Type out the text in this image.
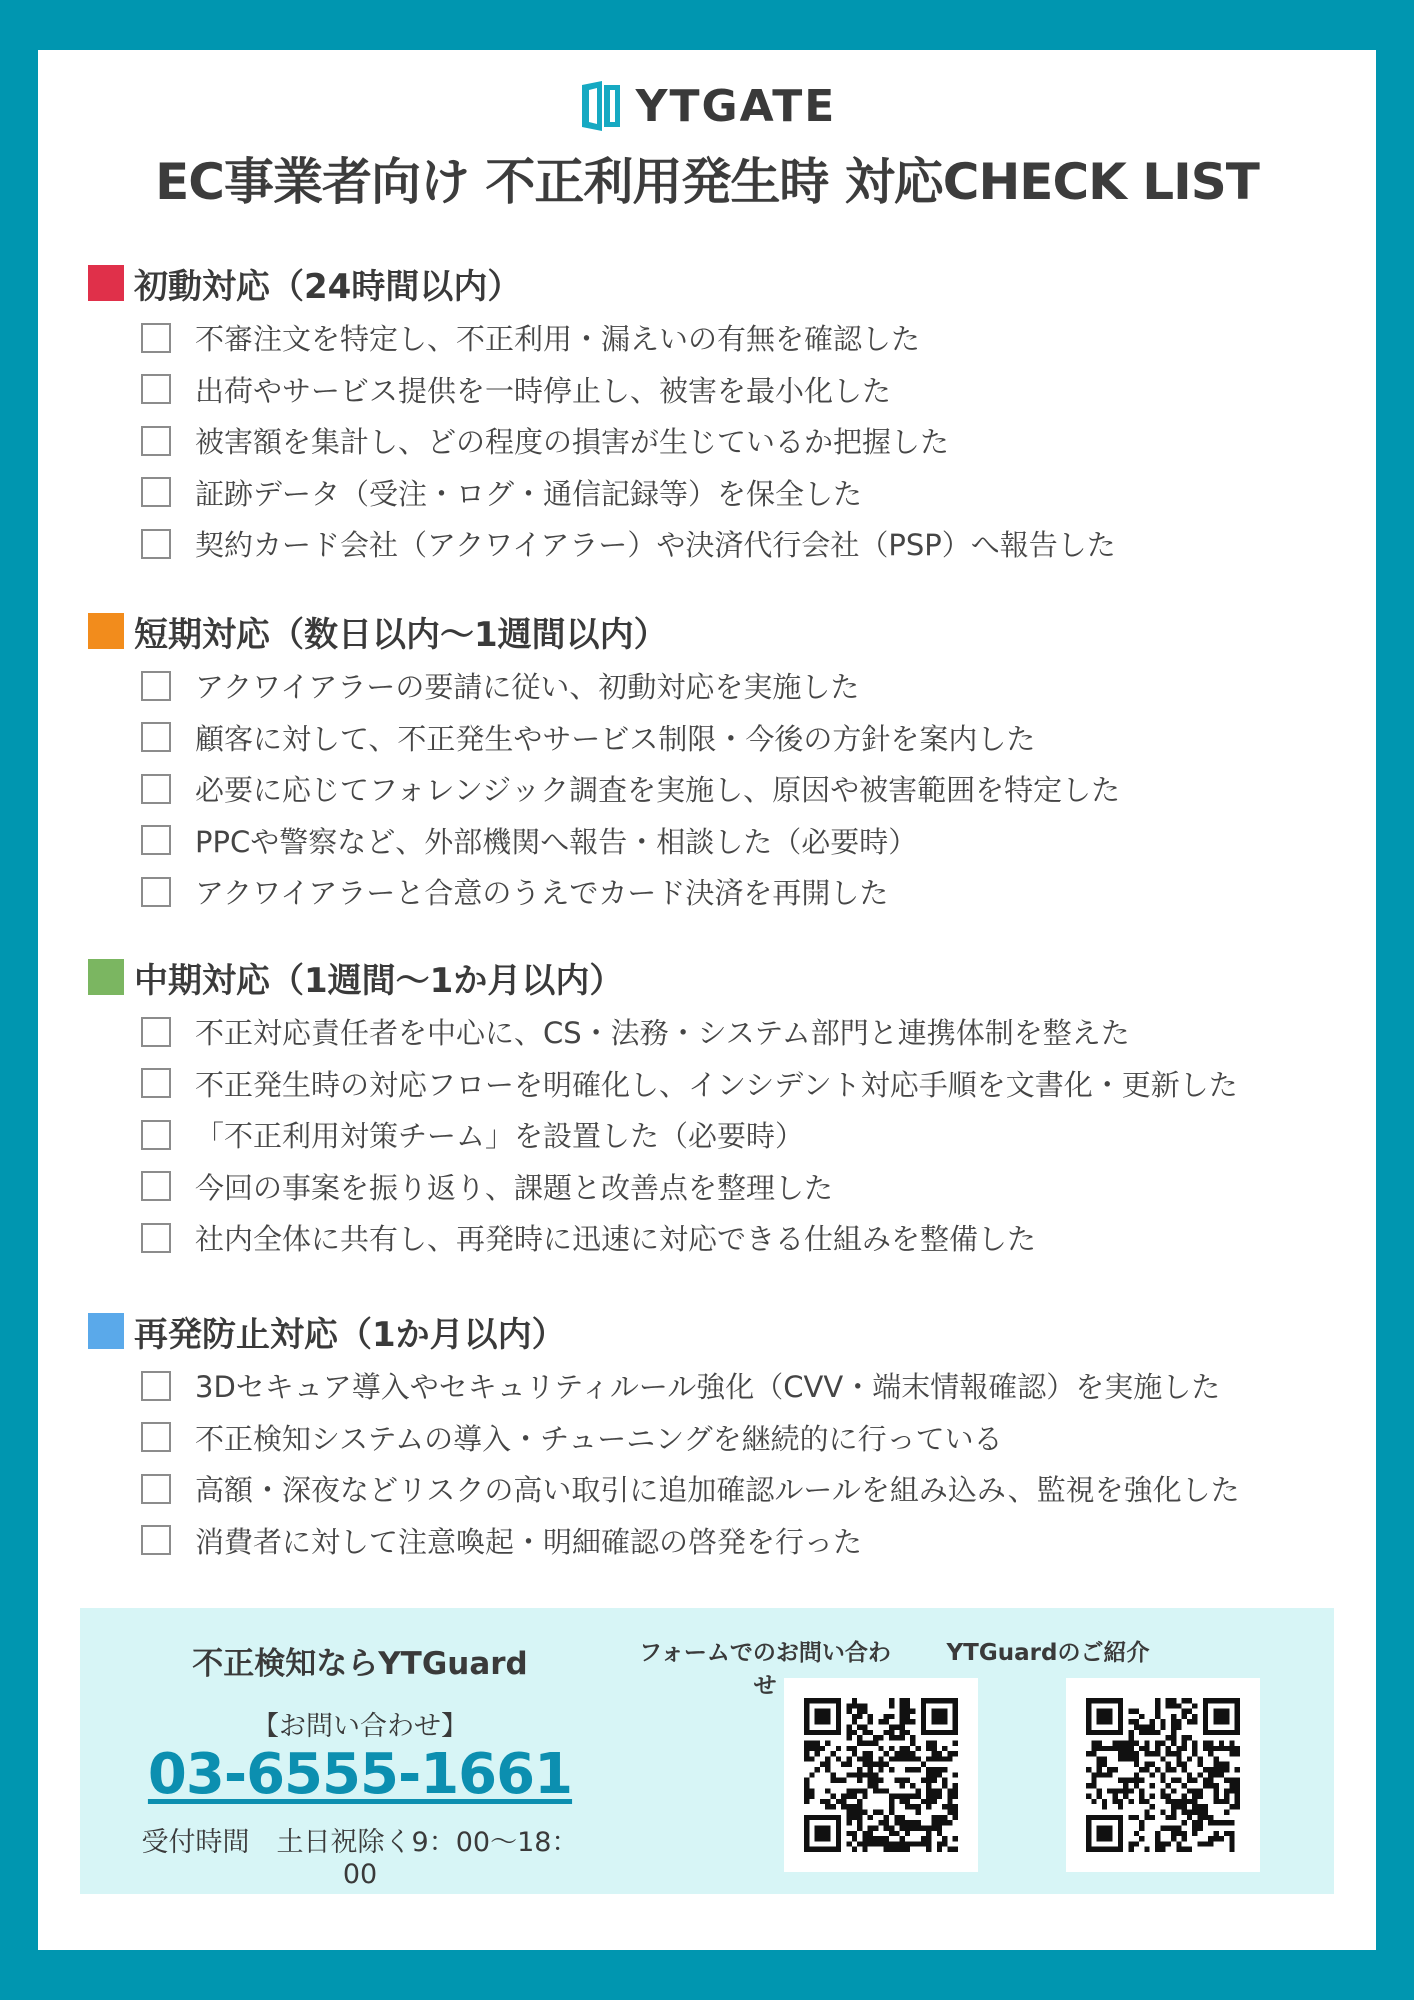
YTGATE
EC事業者向け 不正利用発生時 対応CHECK LIST
初動対応（24時間以内）
不審注文を特定し、不正利用・漏えいの有無を確認した
出荷やサービス提供を一時停止し、被害を最小化した
被害額を集計し、どの程度の損害が生じているか把握した
証跡データ（受注・ログ・通信記録等）を保全した
契約カード会社（アクワイアラー）や決済代行会社（PSP）へ報告した
短期対応（数日以内～1週間以内）
アクワイアラーの要請に従い、初動対応を実施した
顧客に対して、不正発生やサービス制限・今後の方針を案内した
必要に応じてフォレンジック調査を実施し、原因や被害範囲を特定した
PPCや警察など、外部機関へ報告・相談した（必要時）
アクワイアラーと合意のうえでカード決済を再開した
中期対応（1週間～1か月以内）
不正対応責任者を中心に、CS・法務・システム部門と連携体制を整えた
不正発生時の対応フローを明確化し、インシデント対応手順を文書化・更新した
「不正利用対策チーム」を設置した（必要時）
今回の事案を振り返り、課題と改善点を整理した
社内全体に共有し、再発時に迅速に対応できる仕組みを整備した
再発防止対応（1か月以内）
3Dセキュア導入やセキュリティルール強化（CVV・端末情報確認）を実施した
不正検知システムの導入・チューニングを継続的に行っている
高額・深夜などリスクの高い取引に追加確認ルールを組み込み、監視を強化した
消費者に対して注意喚起・明細確認の啓発を行った
不正検知ならYTGuard
【お問い合わせ】
03-6555-1661
受付時間　土日祝除く9：00～18：00
フォームでのお問い合わせ
YTGuardのご紹介
